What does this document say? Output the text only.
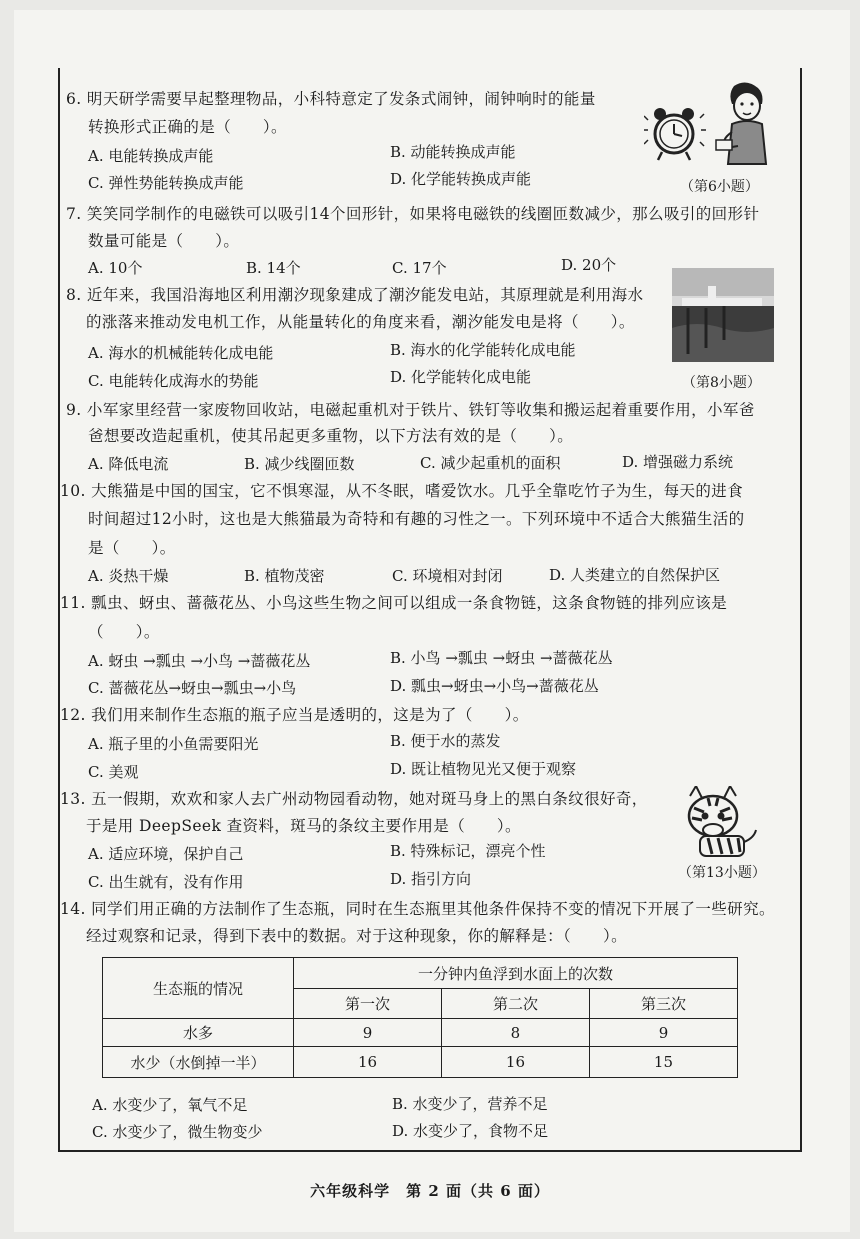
6. 明天研学需要早起整理物品，小科特意定了发条式闹钟，闹钟响时的能量
转换形式正确的是（　　）。
A. 电能转换成声能	B. 动能转换成声能
C. 弹性势能转换成声能	D. 化学能转换成声能	（第6小题）
7. 笑笑同学制作的电磁铁可以吸引14个回形针，如果将电磁铁的线圈匝数减少，那么吸引的回形针
数量可能是（　　）。
A. 10个	B. 14个	C. 17个	D. 20个
8. 近年来，我国沿海地区利用潮汐现象建成了潮汐能发电站，其原理就是利用海水
的涨落来推动发电机工作，从能量转化的角度来看，潮汐能发电是将（　　）。
A. 海水的机械能转化成电能	B. 海水的化学能转化成电能
C. 电能转化成海水的势能	D. 化学能转化成电能	（第8小题）
9. 小军家里经营一家废物回收站，电磁起重机对于铁片、铁钉等收集和搬运起着重要作用，小军爸
爸想要改造起重机，使其吊起更多重物，以下方法有效的是（　　）。
A. 降低电流	B. 减少线圈匝数	C. 减少起重机的面积	D. 增强磁力系统
10. 大熊猫是中国的国宝，它不惧寒湿，从不冬眠，嗜爱饮水。几乎全靠吃竹子为生，每天的进食
时间超过12小时，这也是大熊猫最为奇特和有趣的习性之一。下列环境中不适合大熊猫生活的
是（　　）。
A. 炎热干燥	B. 植物茂密	C. 环境相对封闭	D. 人类建立的自然保护区
11. 瓢虫、蚜虫、蔷薇花丛、小鸟这些生物之间可以组成一条食物链，这条食物链的排列应该是
（　　）。
A. 蚜虫 →瓢虫 →小鸟 →蔷薇花丛	B. 小鸟 →瓢虫 →蚜虫 →蔷薇花丛
C. 蔷薇花丛→蚜虫→瓢虫→小鸟	D. 瓢虫→蚜虫→小鸟→蔷薇花丛
12. 我们用来制作生态瓶的瓶子应当是透明的，这是为了（　　）。
A. 瓶子里的小鱼需要阳光	B. 便于水的蒸发
C. 美观	D. 既让植物见光又便于观察
13. 五一假期，欢欢和家人去广州动物园看动物，她对斑马身上的黑白条纹很好奇，
于是用 DeepSeek 查资料，斑马的条纹主要作用是（　　）。
A. 适应环境，保护自己	B. 特殊标记，漂亮个性
C. 出生就有，没有作用	D. 指引方向	（第13小题）
14. 同学们用正确的方法制作了生态瓶，同时在生态瓶里其他条件保持不变的情况下开展了一些研究。
经过观察和记录，得到下表中的数据。对于这种现象，你的解释是：（　　）。
生态瓶的情况	一分钟内鱼浮到水面上的次数		
	第一次	第二次	第三次
水多	9	8	9
水少（水倒掉一半）	16	16	15
A. 水变少了，氧气不足	B. 水变少了，营养不足
C. 水变少了，微生物变少	D. 水变少了，食物不足
六年级科学　第 2 面（共 6 面）
